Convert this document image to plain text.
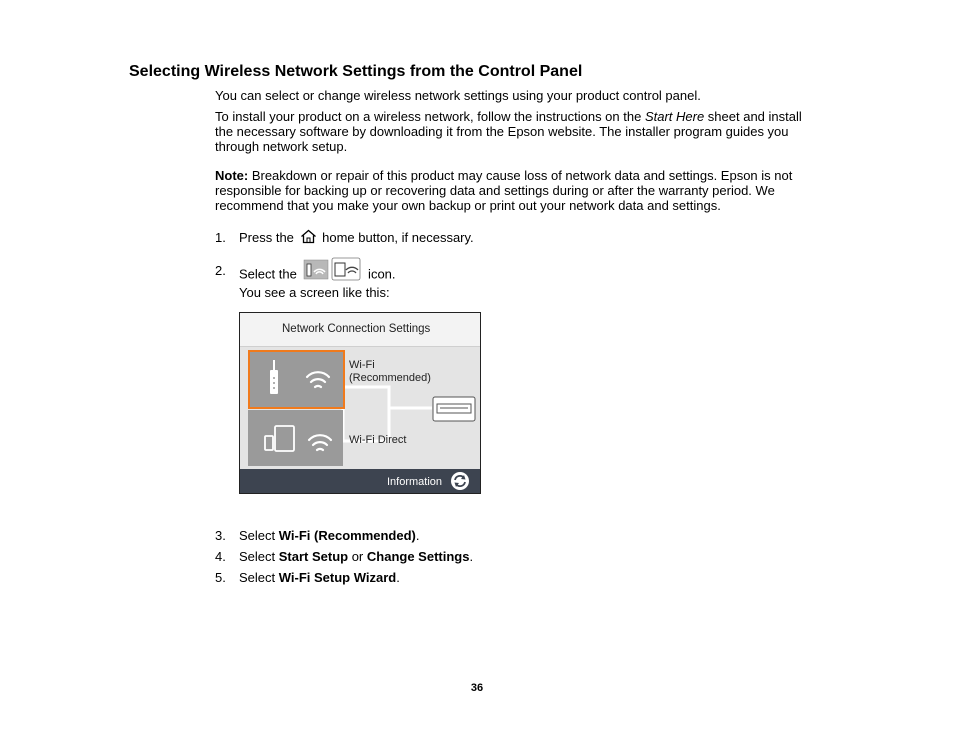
Selecting Wireless Network Settings from the Control Panel

You can select or change wireless network settings using your product control panel.

To install your product on a wireless network, follow the instructions on the Start Here sheet and install the necessary software by downloading it from the Epson website. The installer program guides you through network setup.

Note: Breakdown or repair of this product may cause loss of network data and settings. Epson is not responsible for backing up or recovering data and settings during or after the warranty period. We recommend that you make your own backup or print out your network data and settings.

1. Press the  home button, if necessary.
2. Select the	icon.
You see a screen like this:
Network Connection Settings
Wi-Fi
(Recommended)
Wi-Fi Direct
Information
3. Select Wi-Fi (Recommended).
4. Select Start Setup or Change Settings.
5. Select Wi-Fi Setup Wizard.
36
